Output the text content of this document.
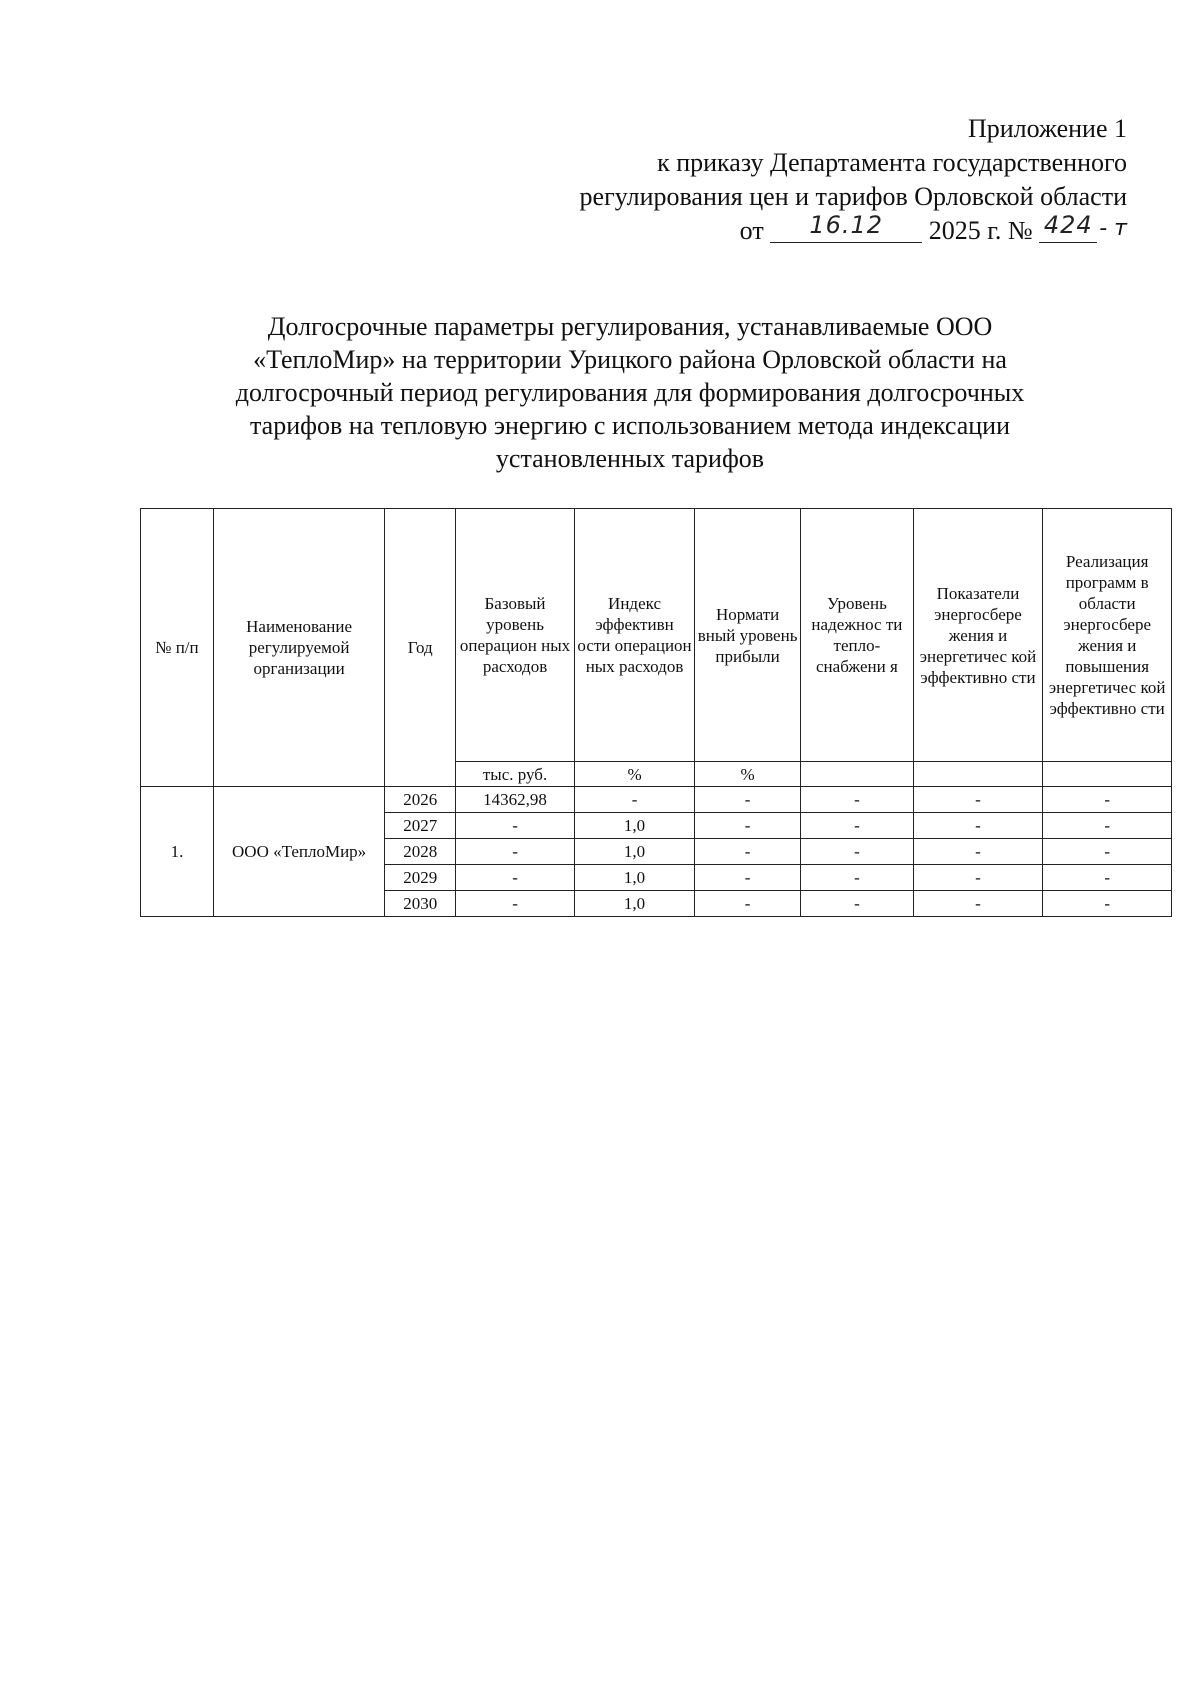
Приложение 1
к приказу Департамента государственного
регулирования цен и тарифов Орловской области
от 16.12 2025 г. № 424 - т
Долгосрочные параметры регулирования, устанавливаемые ООО
«ТеплоМир» на территории Урицкого района Орловской области на
долгосрочный период регулирования для формирования долгосрочных
тарифов на тепловую энергию с использованием метода индексации
установленных тарифов
№ п/п	Наименование регулируемой организации	Год	Базовый уровень операцион ных расходов	Индекс эффективн ости операцион ных расходов	Нормати вный уровень прибыли	Уровень надежнос ти тепло-снабжени я	Показатели энергосбере жения и энергетичес кой эффективно сти	Реализация программ в области энергосбере жения и повышения энергетичес кой эффективно сти
			тыс. руб.	%	%			
1.	ООО «ТеплоМир»	2026	14362,98	-	-	-	-	-
		2027	-	1,0	-	-	-	-
		2028	-	1,0	-	-	-	-
		2029	-	1,0	-	-	-	-
		2030	-	1,0	-	-	-	-
